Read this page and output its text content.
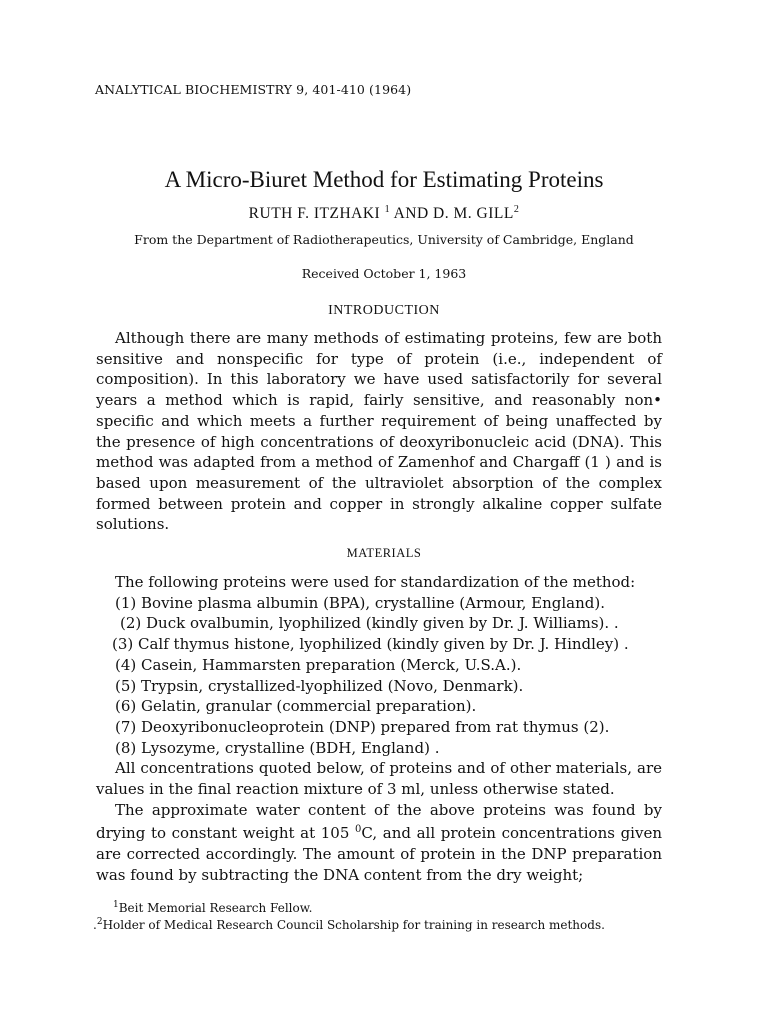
ANALYTICAL BIOCHEMISTRY 9, 401-410 (1964)
A Micro-Biuret Method for Estimating Proteins
RUTH F. ITZHAKI $^1$ AND D. M. GILL$^2$
From the Department of Radiotherapeutics, University of Cambridge, England
Received October 1, 1963
INTRODUCTION

Although there are many methods of estimating proteins, few are both sensitive and nonspecific for type of protein (i.e., independent of composition). In this laboratory we have used satisfactorily for several years a method which is rapid, fairly sensitive, and reasonably non• specific and which meets a further requirement of being unaffected by the presence of high concentrations of deoxyribonucleic acid (DNA). This method was adapted from a method of Zamenhof and Chargaff (1 ) and is based upon measurement of the ultraviolet absorption of the complex formed between protein and copper in strongly alkaline copper sulfate solutions.

MATERIALS

The following proteins were used for standardization of the method:

(1) Bovine plasma albumin (BPA), crystalline (Armour, England).

(2) Duck ovalbumin, lyophilized (kindly given by Dr. J. Williams). .

(3) Calf thymus histone, lyophilized (kindly given by Dr. J. Hindley) .

(4) Casein, Hammarsten preparation (Merck, U.S.A.).

(5) Trypsin, crystallized-lyophilized (Novo, Denmark).

(6) Gelatin, granular (commercial preparation).

(7) Deoxyribonucleoprotein (DNP) prepared from rat thymus (2).

(8) Lysozyme, crystalline (BDH, England) .

All concentrations quoted below, of proteins and of other materials, are values in the final reaction mixture of 3 ml, unless otherwise stated.

The approximate water content of the above proteins was found by drying to constant weight at 105 $^0$C, and all protein concentrations given are corrected accordingly. The amount of protein in the DNP preparation was found by subtracting the DNA content from the dry weight;

$^1$Beit Memorial Research Fellow.
.$^2$Holder of Medical Research Council Scholarship for training in research methods.
